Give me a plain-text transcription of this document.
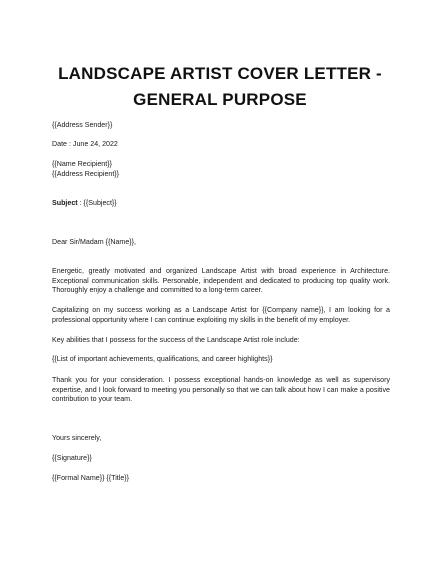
LANDSCAPE ARTIST COVER LETTER -
GENERAL PURPOSE

{{Address Sender}}

Date : June 24, 2022

{{Name Recipient}}

{{Address Recipient}}

Subject : {{Subject}}

Dear Sir/Madam {{Name}},

Energetic, greatly motivated and organized Landscape Artist with broad experience in Architecture. Exceptional communication skills. Personable, independent and dedicated to producing top quality work. Thoroughly enjoy a challenge and committed to a long-term career.

Capitalizing on my success working as a Landscape Artist for {{Company name}}, I am looking for a professional opportunity where I can continue exploiting my skills in the benefit of my employer.

Key abilities that I possess for the success of the Landscape Artist role include:

{{List of important achievements, qualifications, and career highlights}}

Thank you for your consideration. I possess exceptional hands-on knowledge as well as supervisory expertise, and I look forward to meeting you personally so that we can talk about how I can make a positive contribution to your team.

Yours sincerely,

{{Signature}}

{{Formal Name}} {{Title}}
